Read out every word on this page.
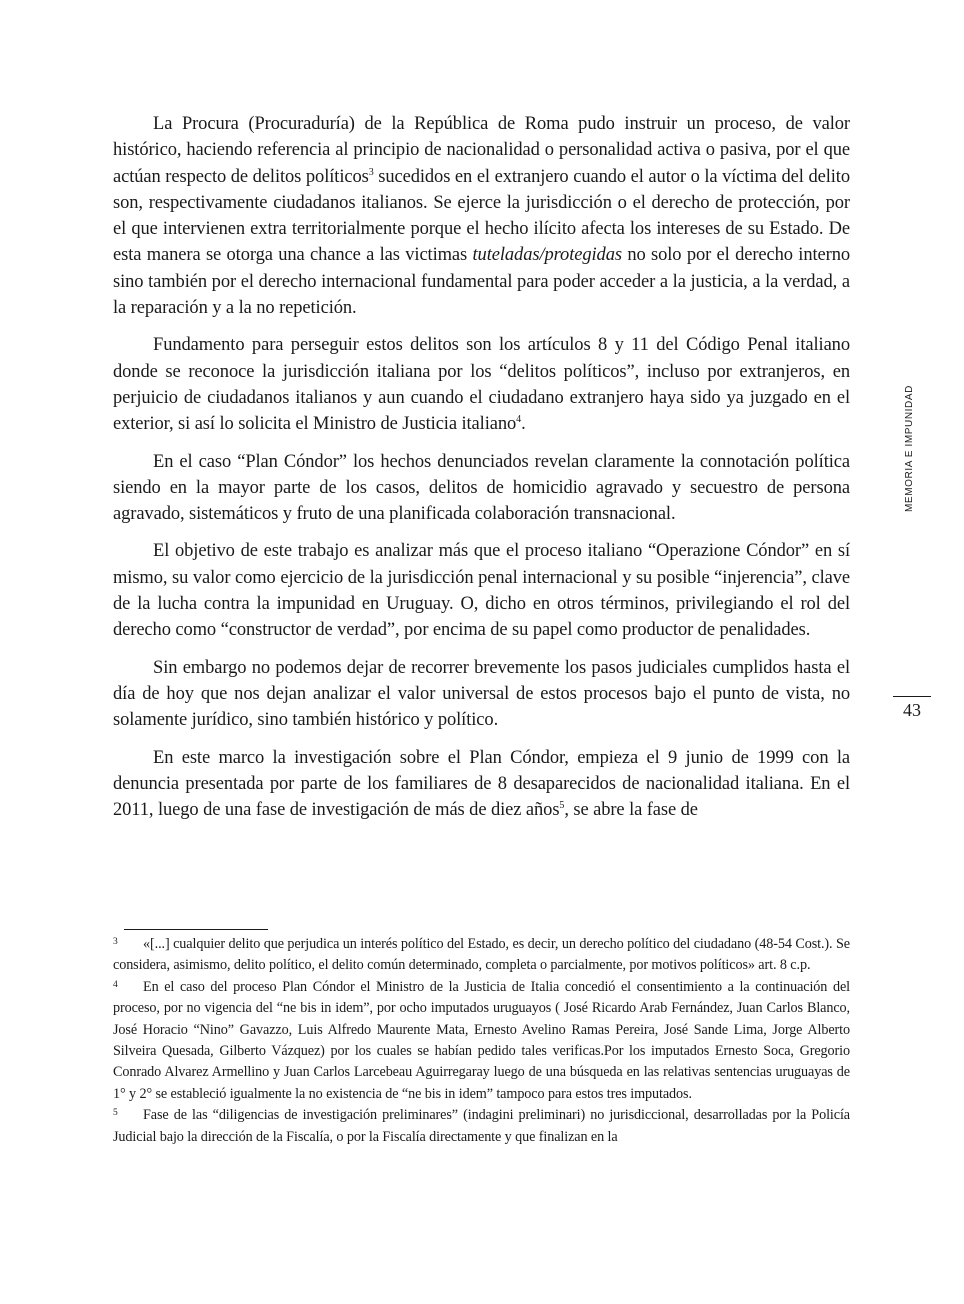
La Procura (Procuraduría) de la República de Roma pudo instruir un proceso, de valor histórico, haciendo referencia al principio de nacionalidad o personalidad activa o pasiva, por el que actúan respecto de delitos políticos$^3$ sucedidos en el extranjero cuando el autor o la víctima del delito son, respectivamente ciudadanos italianos. Se ejerce la jurisdicción o el derecho de protección, por el que intervienen extra territorialmente porque el hecho ilícito afecta los intereses de su Estado. De esta manera se otorga una chance a las victimas tuteladas/protegidas no solo por el derecho interno sino también por el derecho internacional fundamental para poder acceder a la justicia, a la verdad, a la reparación y a la no repetición.

Fundamento para perseguir estos delitos son los artículos 8 y 11 del Código Penal italiano donde se reconoce la jurisdicción italiana por los “delitos políticos”, incluso por extranjeros, en perjuicio de ciudadanos italianos y aun cuando el ciudadano extranjero haya sido ya juzgado en el exterior, si así lo solicita el Ministro de Justicia italiano$^4$.

En el caso “Plan Cóndor” los hechos denunciados revelan claramente la connotación política siendo en la mayor parte de los casos, delitos de homicidio agravado y secuestro de persona agravado, sistemáticos y fruto de una planificada colaboración transnacional.

El objetivo de este trabajo es analizar más que el proceso italiano “Operazione Cóndor” en sí mismo, su valor como ejercicio de la jurisdicción penal internacional y su posible “injerencia”, clave de la lucha contra la impunidad en Uruguay. O, dicho en otros términos, privilegiando el rol del derecho como “constructor de verdad”, por encima de su papel como productor de penalidades.

Sin embargo no podemos dejar de recorrer brevemente los pasos judiciales cumplidos hasta el día de hoy que nos dejan analizar el valor universal de estos procesos bajo el punto de vista, no solamente jurídico, sino también histórico y político.

En este marco la investigación sobre el Plan Cóndor, empieza el 9 junio de 1999 con la denuncia presentada por parte de los familiares de 8 desaparecidos de nacionalidad italiana. En el 2011, luego de una fase de investigación de más de diez años$^5$, se abre la fase de

MEMORIA E IMPUNIDAD
43

3 «[...] cualquier delito que perjudica un interés político del Estado, es decir, un derecho político del ciudadano (48-54 Cost.). Se considera, asimismo, delito político, el delito común determinado, completa o parcialmente, por motivos políticos» art. 8 c.p.

4 En el caso del proceso Plan Cóndor el Ministro de la Justicia de Italia concedió el consentimiento a la continuación del proceso, por no vigencia del “ne bis in idem”, por ocho imputados uruguayos ( José Ricardo Arab Fernández, Juan Carlos Blanco, José Horacio “Nino” Gavazzo, Luis Alfredo Maurente Mata, Ernesto Avelino Ramas Pereira, José Sande Lima, Jorge Alberto Silveira Quesada, Gilberto Vázquez) por los cuales se habían pedido tales verificas.Por los imputados Ernesto Soca, Gregorio Conrado Alvarez Armellino y Juan Carlos Larcebeau Aguirregaray luego de una búsqueda en las relativas sentencias uruguayas de 1° y 2° se estableció igualmente la no existencia de “ne bis in idem” tampoco para estos tres imputados.

5 Fase de las “diligencias de investigación preliminares” (indagini preliminari) no jurisdiccional, desarrolladas por la Policía Judicial bajo la dirección de la Fiscalía, o por la Fiscalía directamente y que finalizan en la
